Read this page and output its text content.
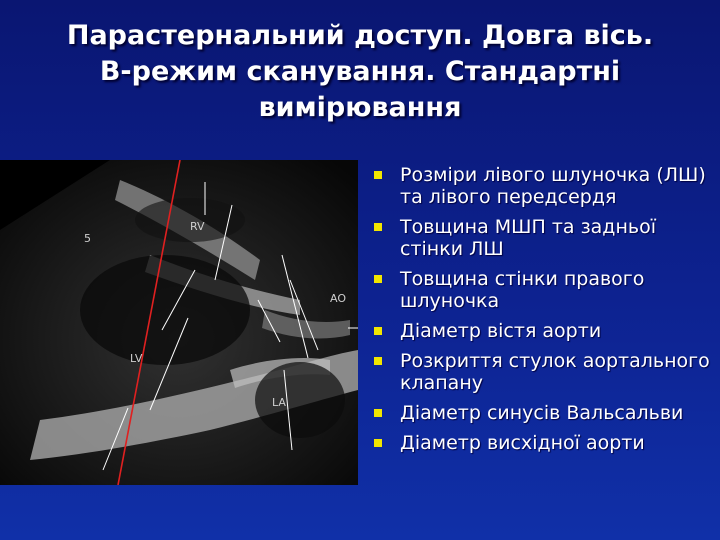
Парастернальний доступ. Довга вісь.
В-режим сканування. Стандартні
вимірювання
RV
LV
LA
AO
5
Розміри лівого шлуночка (ЛШ) та лівого передсердя
Товщина МШП та задньої стінки ЛШ
Товщина стінки правого шлуночка
Діаметр вістя аорти
Розкриття стулок аортального клапану
Діаметр синусів Вальсальви
Діаметр висхідної аорти
